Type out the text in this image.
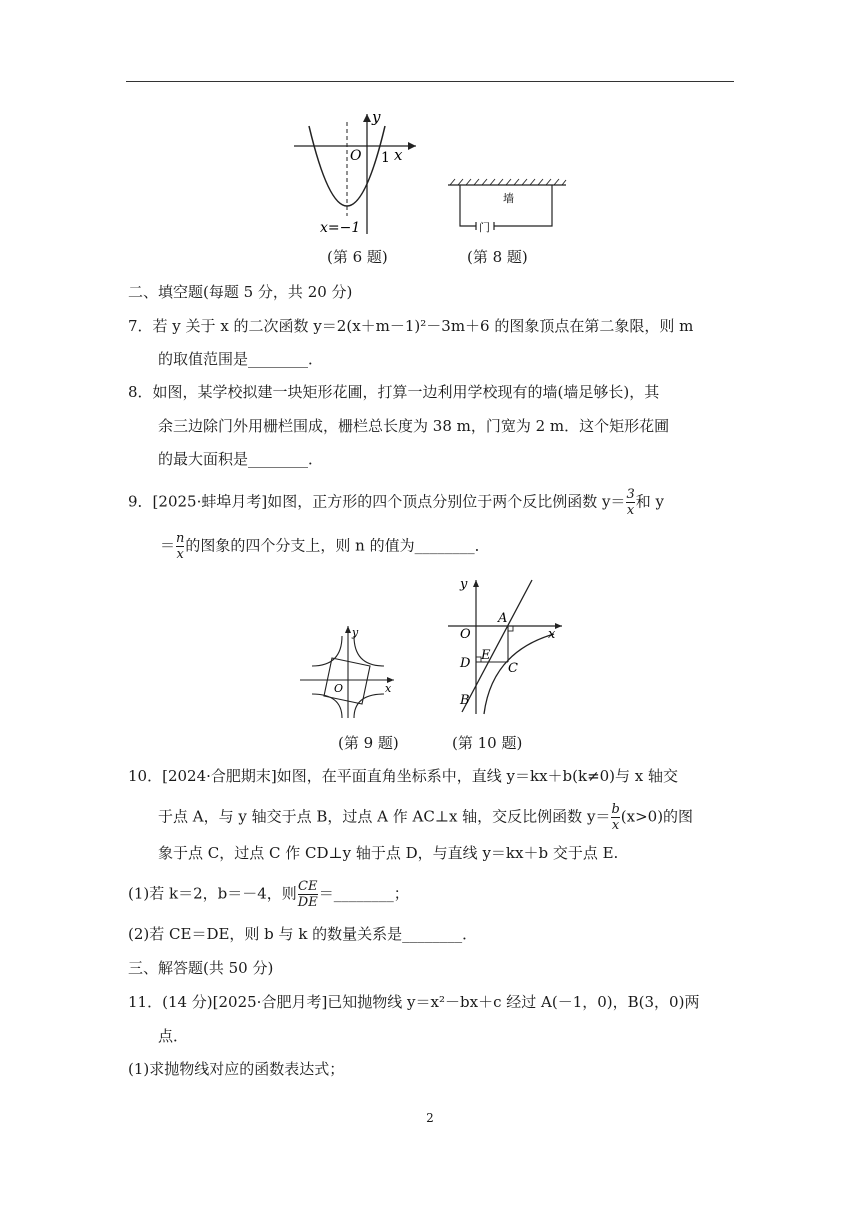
y
x
O 1
x=−1
(第 6 题)
墙
门
(第 8 题)
二、填空题(每题 5 分，共 20 分)
7．若 y 关于 x 的二次函数 y＝2(x＋m－1)²－3m＋6 的图象顶点在第二象限，则 m
的取值范围是________．
8．如图，某学校拟建一块矩形花圃，打算一边利用学校现有的墙(墙足够长)，其
余三边除门外用栅栏围成，栅栏总长度为 38 m，门宽为 2 m．这个矩形花圃
的最大面积是________．
9．[2025·蚌埠月考]如图，正方形的四个顶点分别位于两个反比例函数 $y= \frac{3}{x}$ 和 y
＝ $\frac{n}{x}$ 的图象的四个分支上，则 n 的值为________．
y
x
O
(第 9 题)
y
x
O
A
B
C
D
E
(第 10 题)
10．[2024·合肥期末]如图，在平面直角坐标系中，直线 y＝kx＋b(k≠0)与 x 轴交
于点 A，与 y 轴交于点 B，过点 A 作 AC⊥x 轴，交反比例函数 $y= \frac{b}{x} (x>0)$的图
象于点 C，过点 C 作 CD⊥y 轴于点 D，与直线 y＝kx＋b 交于点 E.
(1)若 k＝2，b＝－4，则 $\frac{CE}{DE}$ ＝________；
(2)若 CE＝DE，则 b 与 k 的数量关系是________．
三、解答题(共 50 分)
11．(14 分)[2025·合肥月考]已知抛物线 y＝x²－bx＋c 经过 A(－1，0)，B(3，0)两
点．
(1)求抛物线对应的函数表达式；
2
